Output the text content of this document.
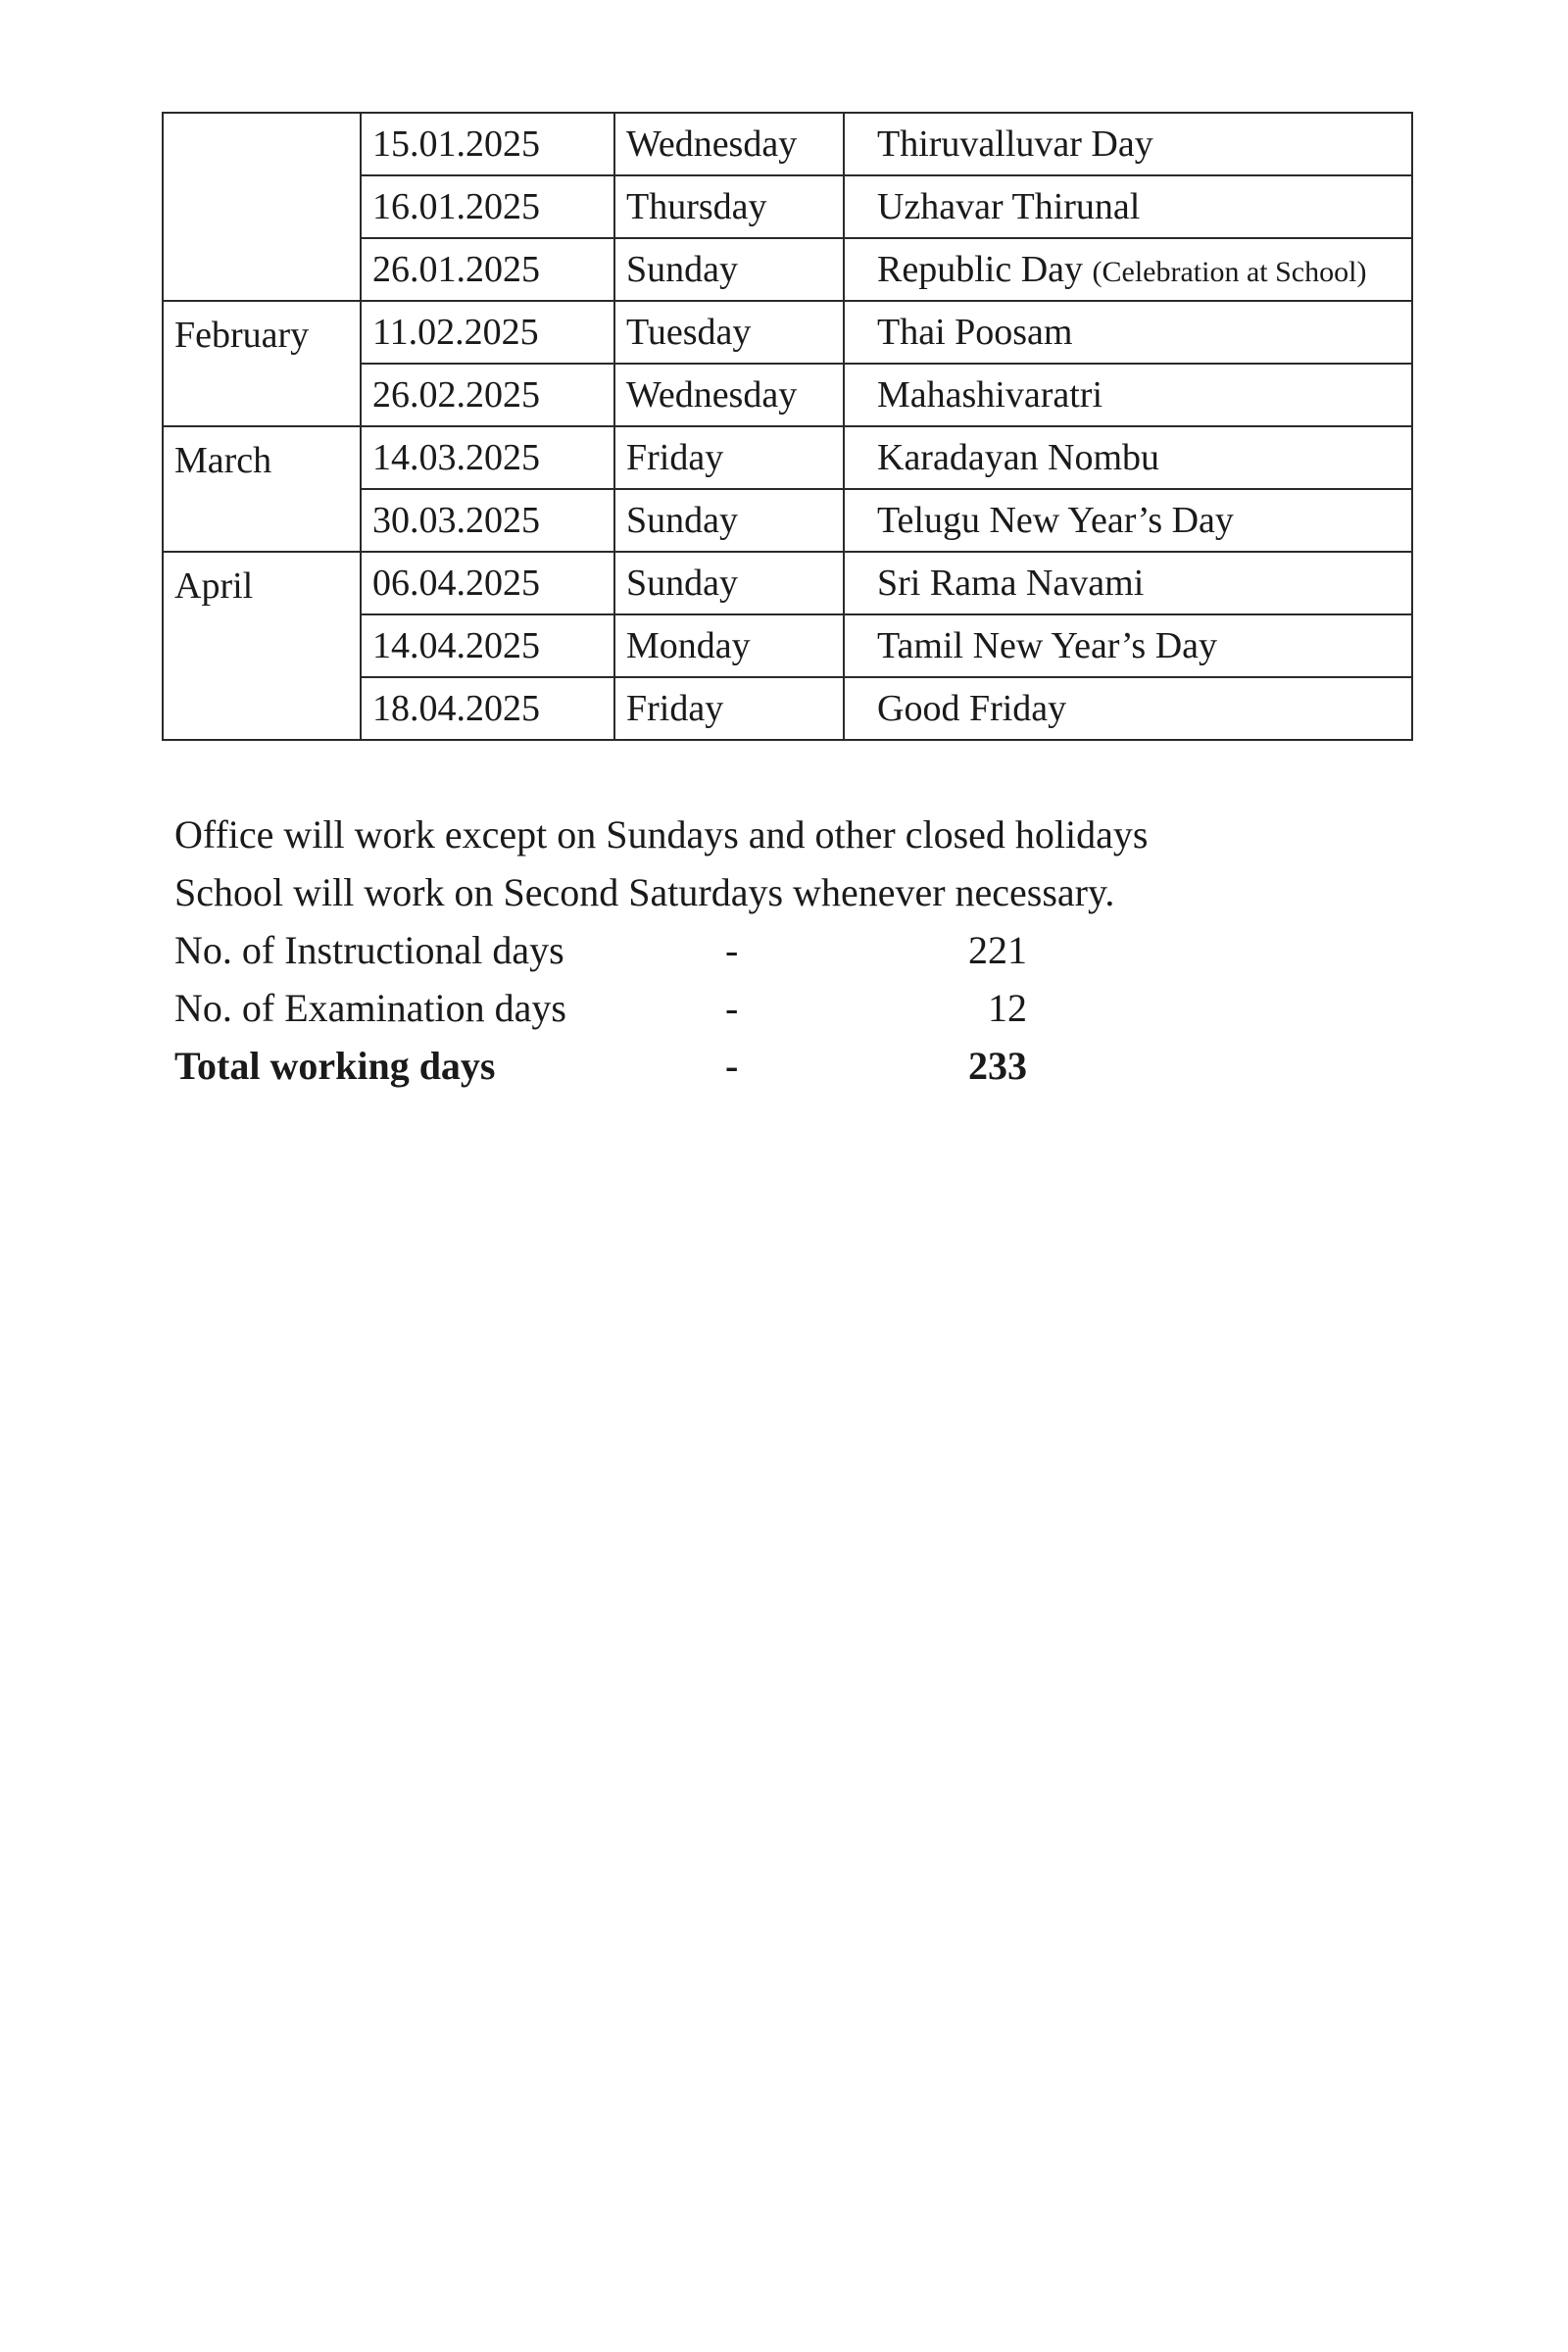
	15.01.2025	Wednesday	Thiruvalluvar Day
	16.01.2025	Thursday	Uzhavar Thirunal
	26.01.2025	Sunday	Republic Day (Celebration at School)
February	11.02.2025	Tuesday	Thai Poosam
	26.02.2025	Wednesday	Mahashivaratri
March	14.03.2025	Friday	Karadayan Nombu
	30.03.2025	Sunday	Telugu New Year’s Day
April	06.04.2025	Sunday	Sri Rama Navami
	14.04.2025	Monday	Tamil New Year’s Day
	18.04.2025	Friday	Good Friday
Office will work except on Sundays and other closed holidays
School will work on Second Saturdays whenever necessary.
No. of Instructional days	-	221
No. of Examination days	-	12
Total working days	-	233
